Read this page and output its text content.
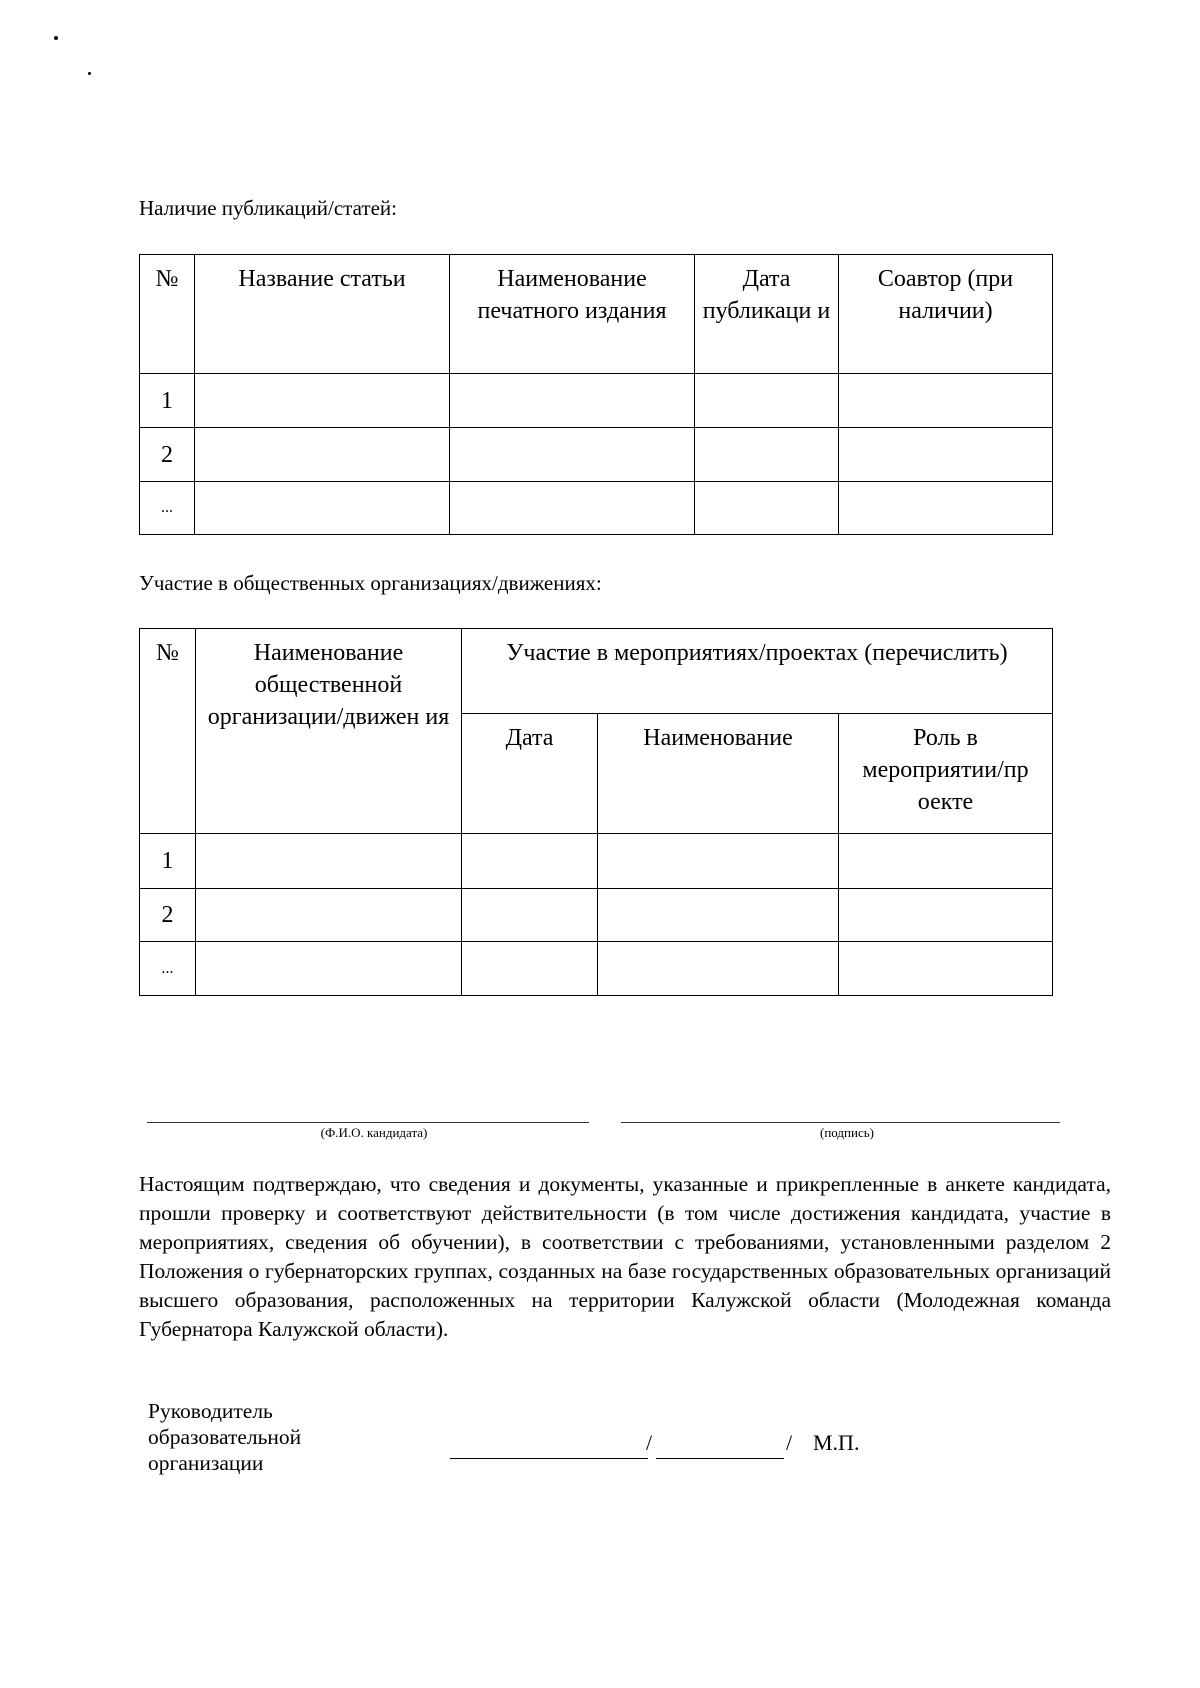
Наличие публикаций/статей:
№	Название статьи	Наименование печатного издания	Дата публикаци и	Соавтор (при наличии)
1				
2				
...				
Участие в общественных организациях/движениях:
№	Наименование общественной организации/движен ия	Участие в мероприятиях/проектах (перечислить)		
		Дата	Наименование	Роль в мероприятии/пр оекте
1				
2				
...				
(Ф.И.О. кандидата)	(подпись)
Настоящим подтверждаю, что сведения и документы, указанные и прикрепленные в анкете кандидата, прошли проверку и соответствуют действительности (в том числе достижения кандидата, участие в мероприятиях, сведения об обучении), в соответствии с требованиями, установленными разделом 2 Положения о губернаторских группах, созданных на базе государственных образовательных организаций высшего образования, расположенных на территории Калужской области (Молодежная команда Губернатора Калужской области).
Руководитель
образовательной
организации
/	/ М.П.
